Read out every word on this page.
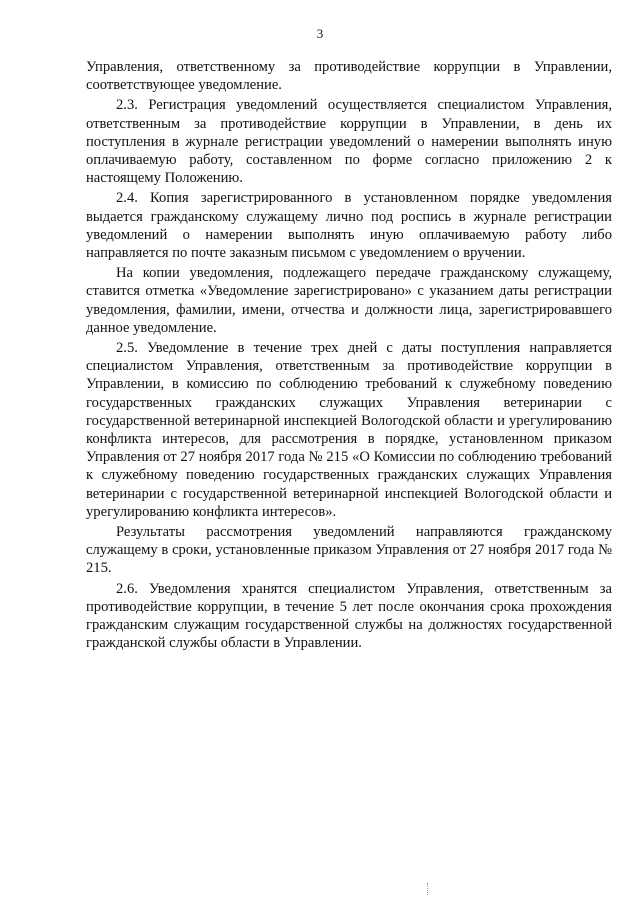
3

Управления, ответственному за противодействие коррупции в Управлении, соответствующее уведомление.

2.3. Регистрация уведомлений осуществляется специалистом Управления, ответственным за противодействие коррупции в Управлении, в день их поступления в журнале регистрации уведомлений о намерении выполнять иную оплачиваемую работу, составленном по форме согласно приложению 2 к настоящему Положению.

2.4. Копия зарегистрированного в установленном порядке уведомления выдается гражданскому служащему лично под роспись в журнале регистрации уведомлений о намерении выполнять иную оплачиваемую работу либо направляется по почте заказным письмом с уведомлением о вручении.

На копии уведомления, подлежащего передаче гражданскому служащему, ставится отметка «Уведомление зарегистрировано» с указанием даты регистрации уведомления, фамилии, имени, отчества и должности лица, зарегистрировавшего данное уведомление.

2.5. Уведомление в течение трех дней с даты поступления направляется специалистом Управления, ответственным за противодействие коррупции в Управлении, в комиссию по соблюдению требований к служебному поведению государственных гражданских служащих Управления ветеринарии с государственной ветеринарной инспекцией Вологодской области и урегулированию конфликта интересов, для рассмотрения в порядке, установленном приказом Управления от 27 ноября 2017 года № 215 «О Комиссии по соблюдению требований к служебному поведению государственных гражданских служащих Управления ветеринарии с государственной ветеринарной инспекцией Вологодской области и урегулированию конфликта интересов».

Результаты рассмотрения уведомлений направляются гражданскому служащему в сроки, установленные приказом Управления от 27 ноября 2017 года № 215.

2.6. Уведомления хранятся специалистом Управления, ответственным за противодействие коррупции, в течение 5 лет после окончания срока прохождения гражданским служащим государственной службы на должностях государственной гражданской службы области в Управлении.
